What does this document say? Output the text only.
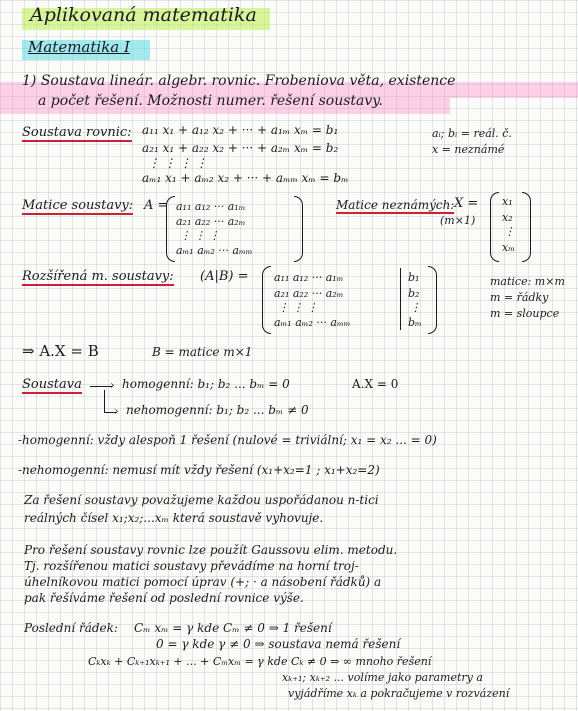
Aplikovaná matematika
Matematika I
1) Soustava lineár. algebr. rovnic. Frobeniova věta, existence
a počet řešení. Možnosti numer. řešení soustavy.
Soustava rovnic: a₁₁ x₁ + a₁₂ x₂ + ··· + a₁ₘ xₘ = b₁
a₂₁ x₁ + a₂₂ x₂ + ··· + a₂ₘ xₘ = b₂
⋮ ⋮ ⋮ ⋮
aₘ₁ x₁ + aₘ₂ x₂ + ··· + aₘₘ xₘ = bₘ
aᵢ; bᵢ = reál. č.
x = neznámé
Matice soustavy: A = a₁₁ a₁₂ ··· a₁ₘ
a₂₁ a₂₂ ··· a₂ₘ
⋮ ⋮ ⋮
aₘ₁ aₘ₂ ··· aₘₘ
Matice neznámých: X =
(m×1)
x₁
x₂
⋮
xₘ
Rozšířená m. soustavy: (A|B) = a₁₁ a₁₂ ··· a₁ₘ
a₂₁ a₂₂ ··· a₂ₘ
⋮ ⋮ ⋮
aₘ₁ aₘ₂ ··· aₘₘ
b₁
b₂
⋮
bₘ
matice: m×m
m = řádky
m = sloupce
⇒ A.X = B	B = matice m×1
Soustava › homogenní: b₁; b₂ ... bₘ = 0	A.X = 0
› nehomogenní: b₁; b₂ ... bₘ ≠ 0
-homogenní: vždy alespoň 1 řešení (nulové = triviální; x₁ = x₂ ... = 0)
-nehomogenní: nemusí mít vždy řešení (x₁+x₂=1 ; x₁+x₂=2)
Za řešení soustavy považujeme každou uspořádanou n-tici
reálných čísel x₁;x₂;...xₘ která soustavě vyhovuje.
Pro řešení soustavy rovnic lze použít Gaussovu elim. metodu.
Tj. rozšířenou matici soustavy převádíme na horní troj-
úhelníkovou matici pomocí úprav (+; · a násobení řádků) a
pak řešíváme řešení od poslední rovnice výše.
Poslední řádek: Cₘ xₘ = γ kde Cₘ ≠ 0 ⇒ 1 řešení
0 = γ kde γ ≠ 0 ⇒ soustava nemá řešení
Cₖxₖ + Cₖ₊₁xₖ₊₁ + ... + Cₘxₘ = γ kde Cₖ ≠ 0 ⇒ ∞ mnoho řešení
xₖ₊₁; xₖ₊₂ ... volíme jako parametry a
vyjádříme xₖ a pokračujeme v rozvázení
